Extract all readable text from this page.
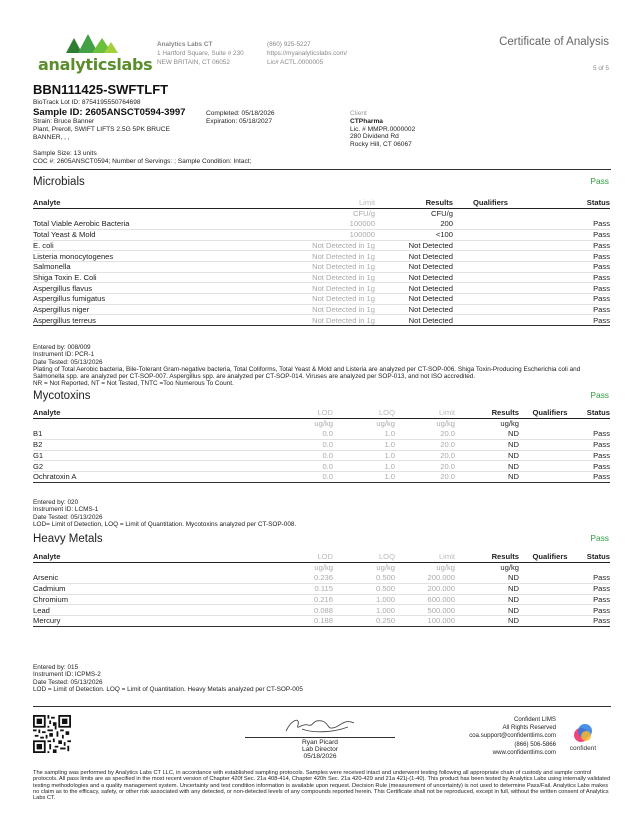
analyticslabs
Analytics Labs CT
1 Hartford Square, Suite # 230
NEW BRITAIN, CT 06052
(860) 925-5227
https://myanalyticslabs.com/
Lic# ACTL.0000005
Certificate of Analysis
5 of 5
BBN111425-SWFTLFT
BioTrack Lot ID: 8754195550764698
Sample ID: 2605ANSCT0594-3997
Strain: Bruce Banner
Plant, Preroll, SWIFT LIFTS 2.5G 5PK BRUCE
BANNER, , ,
Completed: 05/18/2026
Expiration: 05/18/2027
Client
CTPharma
Lic. # MMPR.0000002
280 Dividend Rd
Rocky Hill, CT 06067
Sample Size: 13 units
COC #: 2605ANSCT0594; Number of Servings: ; Sample Condition: Intact;
Microbials	Pass
Analyte	Limit	Results	Qualifiers	Status
	CFU/g	CFU/g		
Total Viable Aerobic Bacteria	100000	200		Pass
Total Yeast & Mold	100000	<100		Pass
E. coli	Not Detected in 1g	Not Detected		Pass
Listeria monocytogenes	Not Detected in 1g	Not Detected		Pass
Salmonella	Not Detected in 1g	Not Detected		Pass
Shiga Toxin E. Coli	Not Detected in 1g	Not Detected		Pass
Aspergillus flavus	Not Detected in 1g	Not Detected		Pass
Aspergillus fumigatus	Not Detected in 1g	Not Detected		Pass
Aspergillus niger	Not Detected in 1g	Not Detected		Pass
Aspergillus terreus	Not Detected in 1g	Not Detected		Pass
Entered by: 008/009
Instrument ID: PCR-1
Date Tested: 05/13/2026
Plating of Total Aerobic bacteria, Bile-Tolerant Gram-negative bacteria, Total Coliforms, Total Yeast & Mold and Listeria are analyzed per CT-SOP-006. Shiga Toxin-Producing Escherichia coli and Salmonella spp. are analyzed per CT-SOP-007. Aspergillus spp. are analyzed per CT-SOP-014. Viruses are analyzed per SOP-013, and not ISO accredited.
NR = Not Reported, NT = Not Tested, TNTC =Too Numerous To Count.
Mycotoxins	Pass
Analyte	LOD	LOQ	Limit	Results	Qualifiers	Status
	ug/kg	ug/kg	ug/kg	ug/kg		
B1	0.0	1.0	20.0	ND		Pass
B2	0.0	1.0	20.0	ND		Pass
G1	0.0	1.0	20.0	ND		Pass
G2	0.0	1.0	20.0	ND		Pass
Ochratoxin A	0.0	1.0	20.0	ND		Pass
Entered by: 020
Instrument ID: LCMS-1
Date Tested: 05/13/2026
LOD= Limit of Detection, LOQ = Limit of Quantitation. Mycotoxins analyzed per CT-SOP-008.
Heavy Metals	Pass
Analyte	LOD	LOQ	Limit	Results	Qualifiers	Status
	ug/kg	ug/kg	ug/kg	ug/kg		
Arsenic	0.236	0.500	200.000	ND		Pass
Cadmium	0.115	0.500	200.000	ND		Pass
Chromium	0.216	1.000	600.000	ND		Pass
Lead	0.088	1.000	500.000	ND		Pass
Mercury	0.188	0.250	100.000	ND		Pass
Entered by: 015
Instrument ID: ICPMS-2
Date Tested: 05/13/2026
LOD = Limit of Detection. LOQ = Limit of Quantitation. Heavy Metals analyzed per CT-SOP-005
Ryan Picard
Lab Director
05/18/2026
Confident LIMS
All Rights Reserved
coa.support@confidentlims.com
(866) 506-5866
www.confidentlims.com
confident
The sampling was performed by Analytics Labs CT LLC, in accordance with established sampling protocols. Samples were received intact and underwent testing following all appropriate chain of custody and sample control protocols. All pass limits are as specified in the most recent version of Chapter 420f Sec. 21a 408-414, Chapter 420h Sec. 21a 420-429 and 21a 421j-(1-40). This product has been tested by Analytics Labs using internally validated testing methodologies and a quality management system. Uncertainty and test condition information is available upon request. Decision Rule (measurement of uncertainty) is not used to determine Pass/Fail. Analytics Labs makes no claim as to the efficacy, safety, or other risk associated with any detected, or non-detected levels of any compounds reported herein. This Certificate shall not be reproduced, except in full, without the written consent of Analytics Labs CT.
